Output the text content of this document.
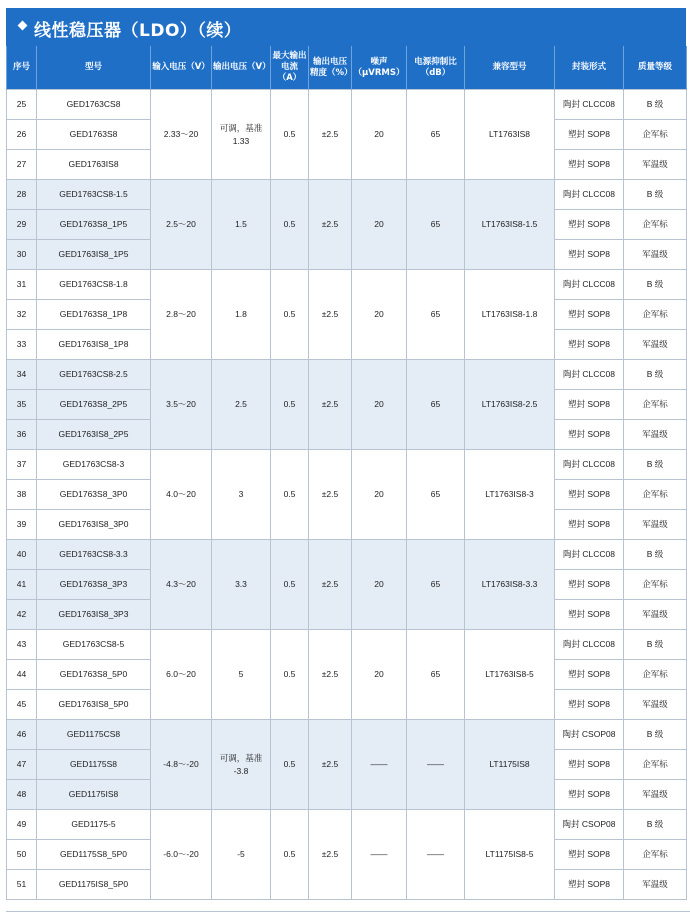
线性稳压器（LDO）（续）
序号	型号	输入电压（V）	输出电压（V）	最大输出电流（A）	输出电压精度（%）	噪声（μVRMS）	电源抑制比（dB）	兼容型号	封装形式	质量等级
25	GED1763CS8	2.33～20	可调，基准 1.33	0.5	±2.5	20	65	LT1763IS8	陶封 CLCC08	B 级
26	GED1763S8								塑封 SOP8	企军标
27	GED1763IS8								塑封 SOP8	军温级
28	GED1763CS8-1.5	2.5～20	1.5	0.5	±2.5	20	65	LT1763IS8-1.5	陶封 CLCC08	B 级
29	GED1763S8_1P5								塑封 SOP8	企军标
30	GED1763IS8_1P5								塑封 SOP8	军温级
31	GED1763CS8-1.8	2.8～20	1.8	0.5	±2.5	20	65	LT1763IS8-1.8	陶封 CLCC08	B 级
32	GED1763S8_1P8								塑封 SOP8	企军标
33	GED1763IS8_1P8								塑封 SOP8	军温级
34	GED1763CS8-2.5	3.5～20	2.5	0.5	±2.5	20	65	LT1763IS8-2.5	陶封 CLCC08	B 级
35	GED1763S8_2P5								塑封 SOP8	企军标
36	GED1763IS8_2P5								塑封 SOP8	军温级
37	GED1763CS8-3	4.0～20	3	0.5	±2.5	20	65	LT1763IS8-3	陶封 CLCC08	B 级
38	GED1763S8_3P0								塑封 SOP8	企军标
39	GED1763IS8_3P0								塑封 SOP8	军温级
40	GED1763CS8-3.3	4.3～20	3.3	0.5	±2.5	20	65	LT1763IS8-3.3	陶封 CLCC08	B 级
41	GED1763S8_3P3								塑封 SOP8	企军标
42	GED1763IS8_3P3								塑封 SOP8	军温级
43	GED1763CS8-5	6.0～20	5	0.5	±2.5	20	65	LT1763IS8-5	陶封 CLCC08	B 级
44	GED1763S8_5P0								塑封 SOP8	企军标
45	GED1763IS8_5P0								塑封 SOP8	军温级
46	GED1175CS8	-4.8～-20	可调，基准 -3.8	0.5	±2.5	——	——	LT1175IS8	陶封 CSOP08	B 级
47	GED1175S8								塑封 SOP8	企军标
48	GED1175IS8								塑封 SOP8	军温级
49	GED1175-5	-6.0～-20	-5	0.5	±2.5	——	——	LT1175IS8-5	陶封 CSOP08	B 级
50	GED1175S8_5P0								塑封 SOP8	企军标
51	GED1175IS8_5P0								塑封 SOP8	军温级
